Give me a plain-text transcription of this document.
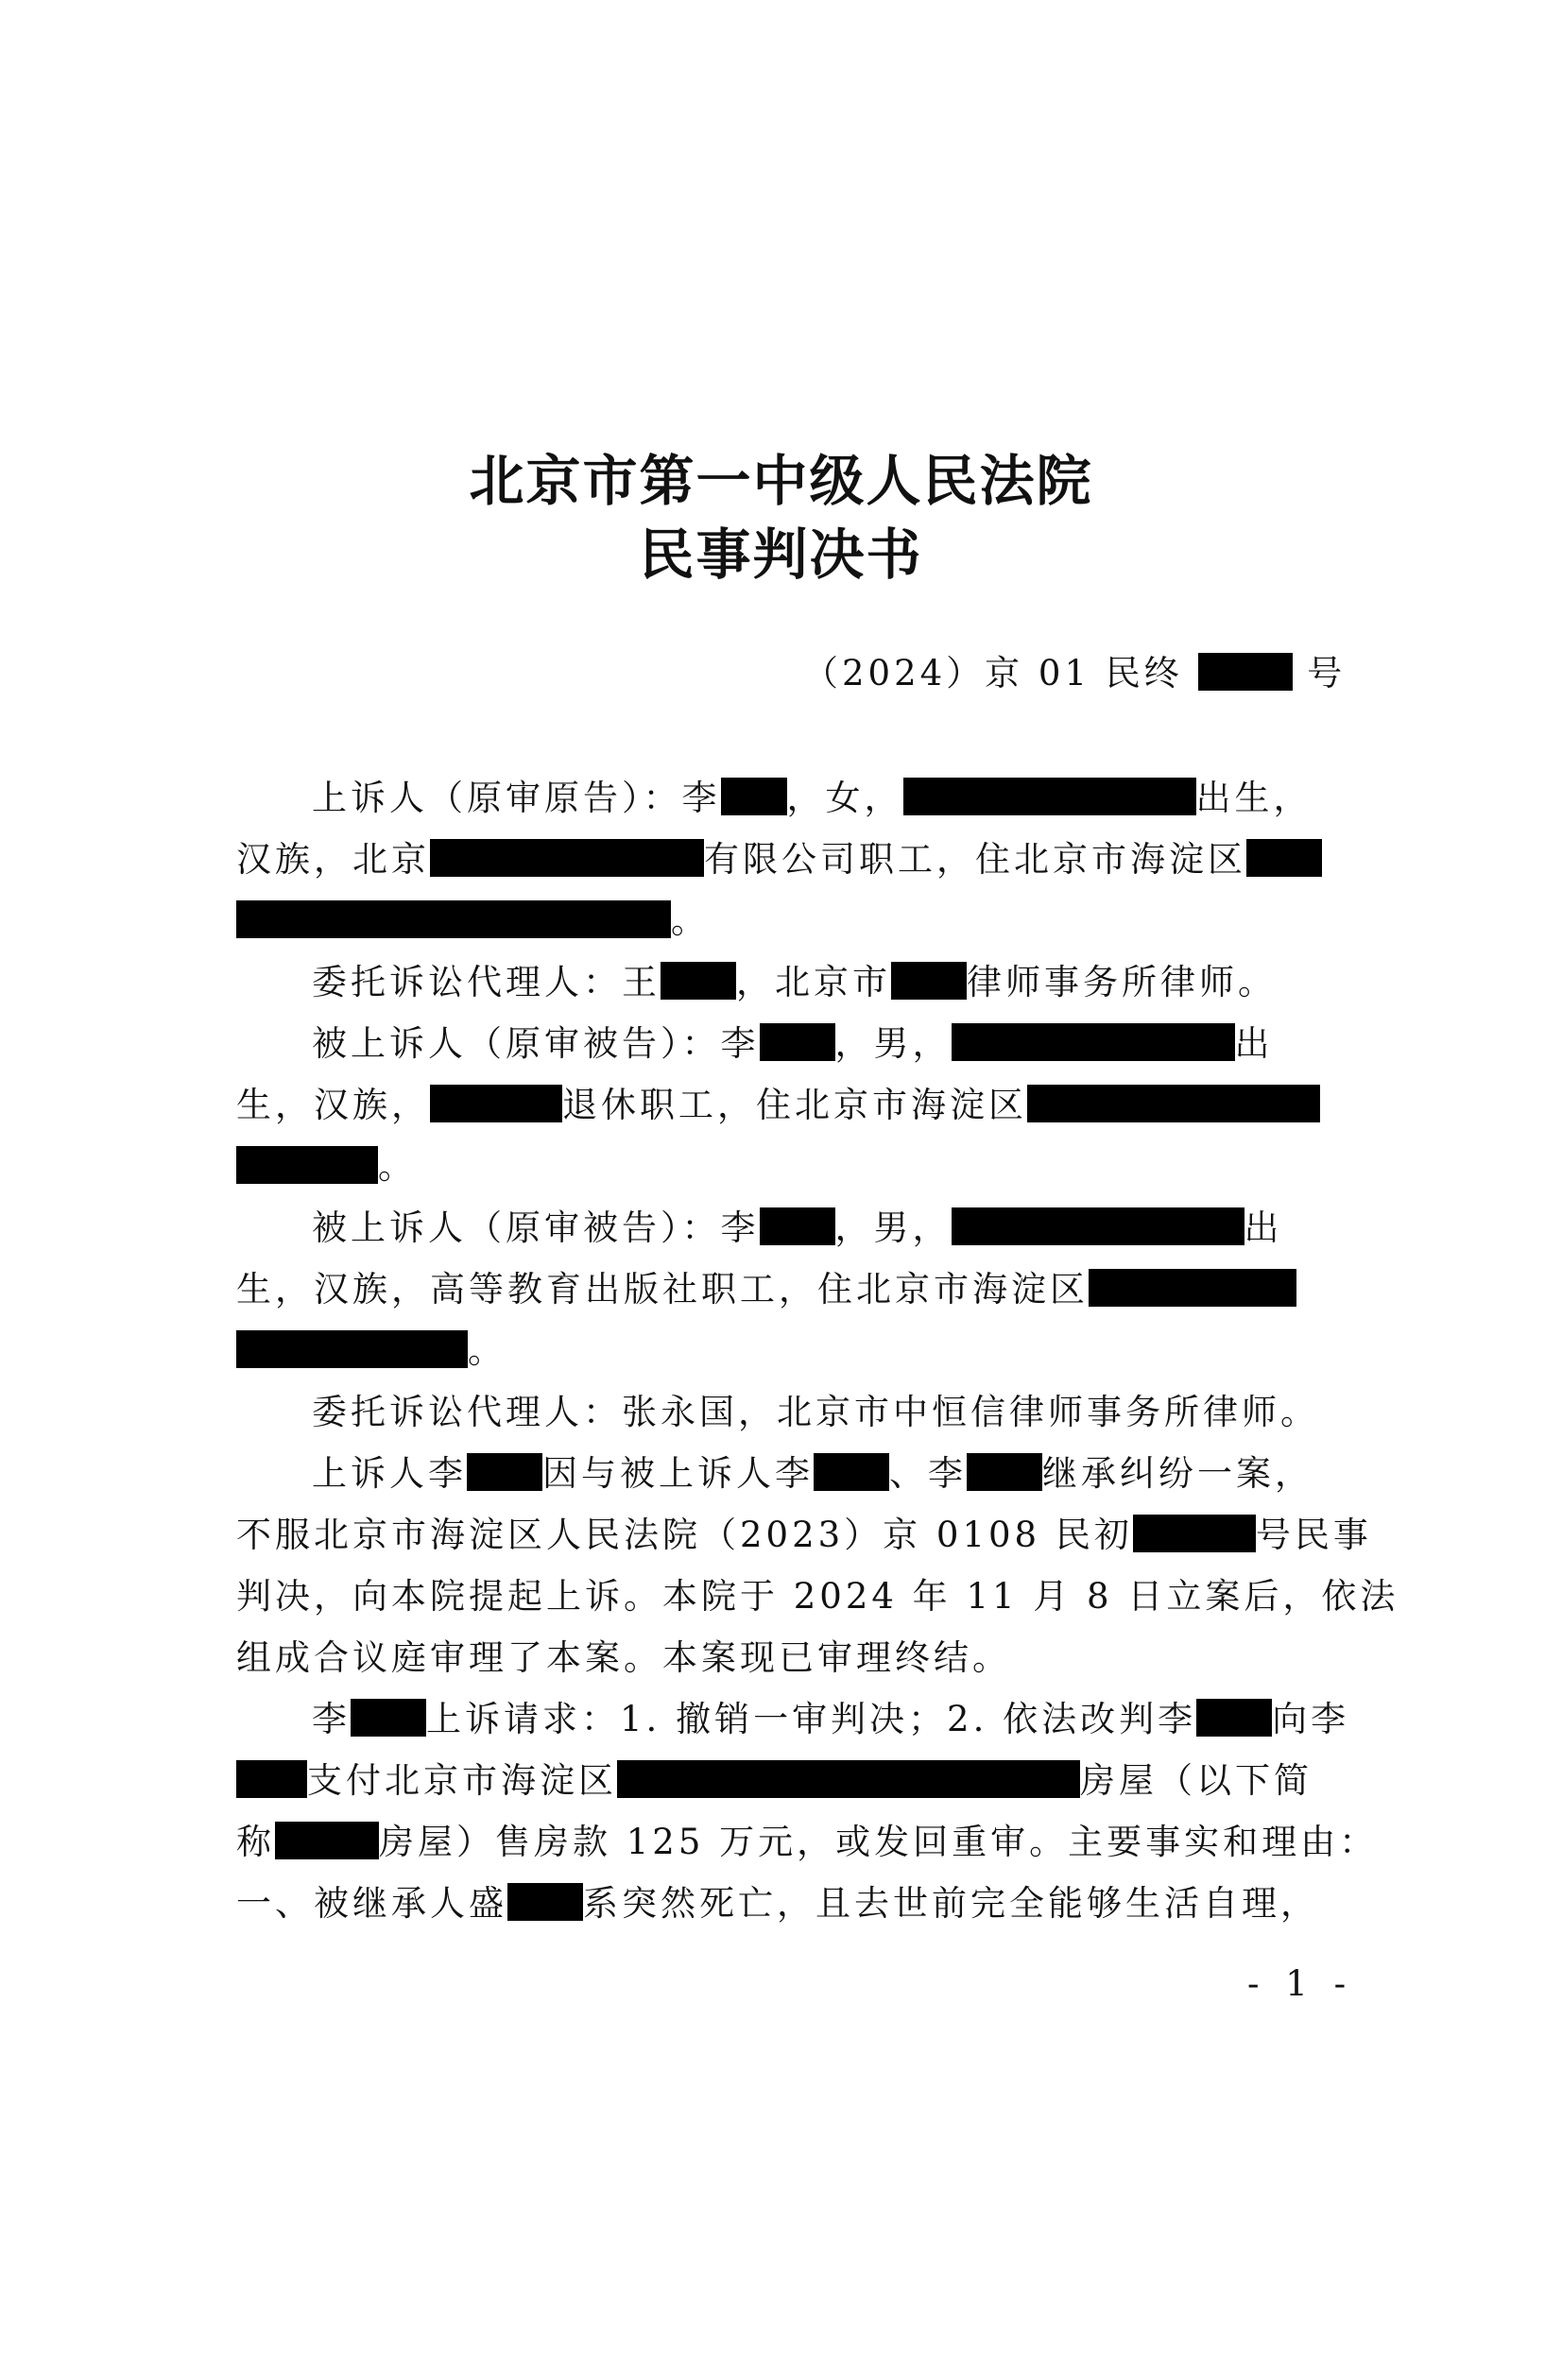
北京市第一中级人民法院
民事判决书
（2024）京 01 民终	号
上诉人（原审原告）：李 ，女，	出生，
汉族，北京	有限公司职工，住北京市海淀区
。
委托诉讼代理人：王 ，北京市 律师事务所律师。
被上诉人（原审被告）：李 ，男，	出
生，汉族，	退休职工，住北京市海淀区
。
被上诉人（原审被告）：李 ，男，	出
生，汉族，高等教育出版社职工，住北京市海淀区
。
委托诉讼代理人：张永国，北京市中恒信律师事务所律师。
上诉人李 因与被上诉人李 、李 继承纠纷一案，
不服北京市海淀区人民法院（2023）京 0108 民初	号民事
判决，向本院提起上诉。本院于 2024 年 11 月 8 日立案后，依法
组成合议庭审理了本案。本案现已审理终结。
李 上诉请求：1. 撤销一审判决；2. 依法改判李 向李
支付北京市海淀区	房屋（以下简
称	房屋）售房款 125 万元，或发回重审。主要事实和理由：
一、被继承人盛 系突然死亡，且去世前完全能够生活自理，
- 1 -
